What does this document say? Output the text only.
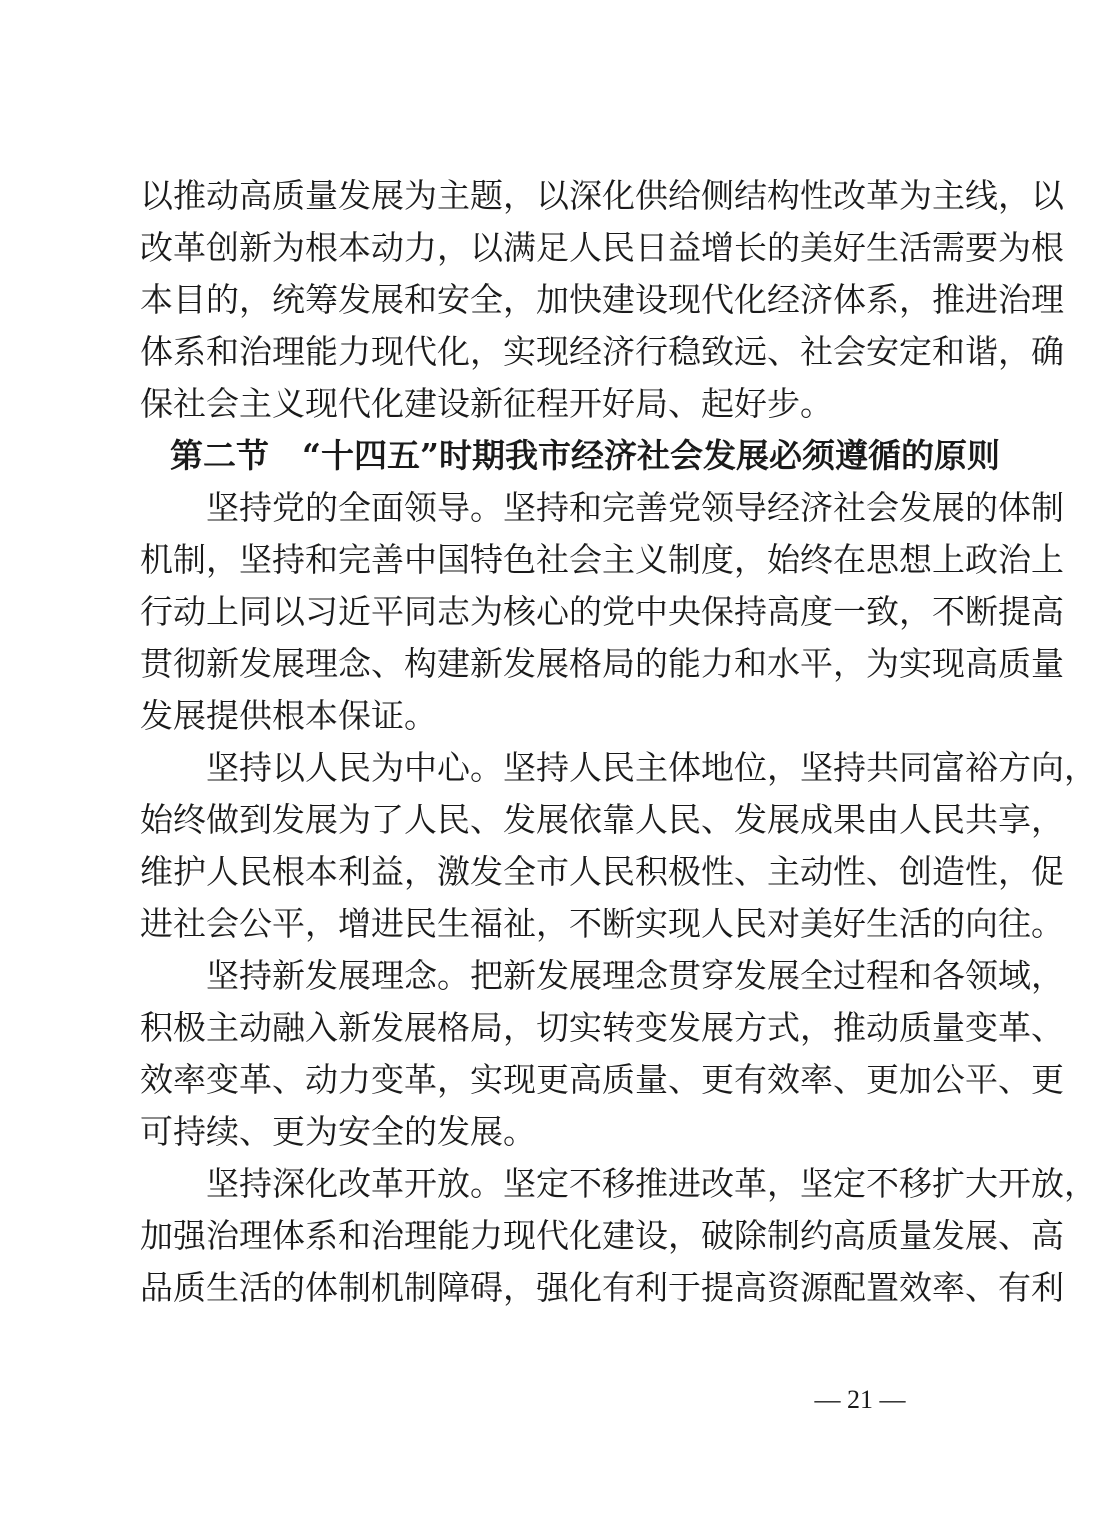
以推动高质量发展为主题，以深化供给侧结构性改革为主线，以
改革创新为根本动力，以满足人民日益增长的美好生活需要为根
本目的，统筹发展和安全，加快建设现代化经济体系，推进治理
体系和治理能力现代化，实现经济行稳致远、社会安定和谐，确
保社会主义现代化建设新征程开好局、起好步。

第二节　“十四五”时期我市经济社会发展必须遵循的原则

坚持党的全面领导。坚持和完善党领导经济社会发展的体制
机制，坚持和完善中国特色社会主义制度，始终在思想上政治上
行动上同以习近平同志为核心的党中央保持高度一致，不断提高
贯彻新发展理念、构建新发展格局的能力和水平，为实现高质量
发展提供根本保证。

坚持以人民为中心。坚持人民主体地位，坚持共同富裕方向，
始终做到发展为了人民、发展依靠人民、发展成果由人民共享，
维护人民根本利益，激发全市人民积极性、主动性、创造性，促
进社会公平，增进民生福祉，不断实现人民对美好生活的向往。

坚持新发展理念。把新发展理念贯穿发展全过程和各领域，
积极主动融入新发展格局，切实转变发展方式，推动质量变革、
效率变革、动力变革，实现更高质量、更有效率、更加公平、更
可持续、更为安全的发展。

坚持深化改革开放。坚定不移推进改革，坚定不移扩大开放，
加强治理体系和治理能力现代化建设，破除制约高质量发展、高
品质生活的体制机制障碍，强化有利于提高资源配置效率、有利

— 21 —
